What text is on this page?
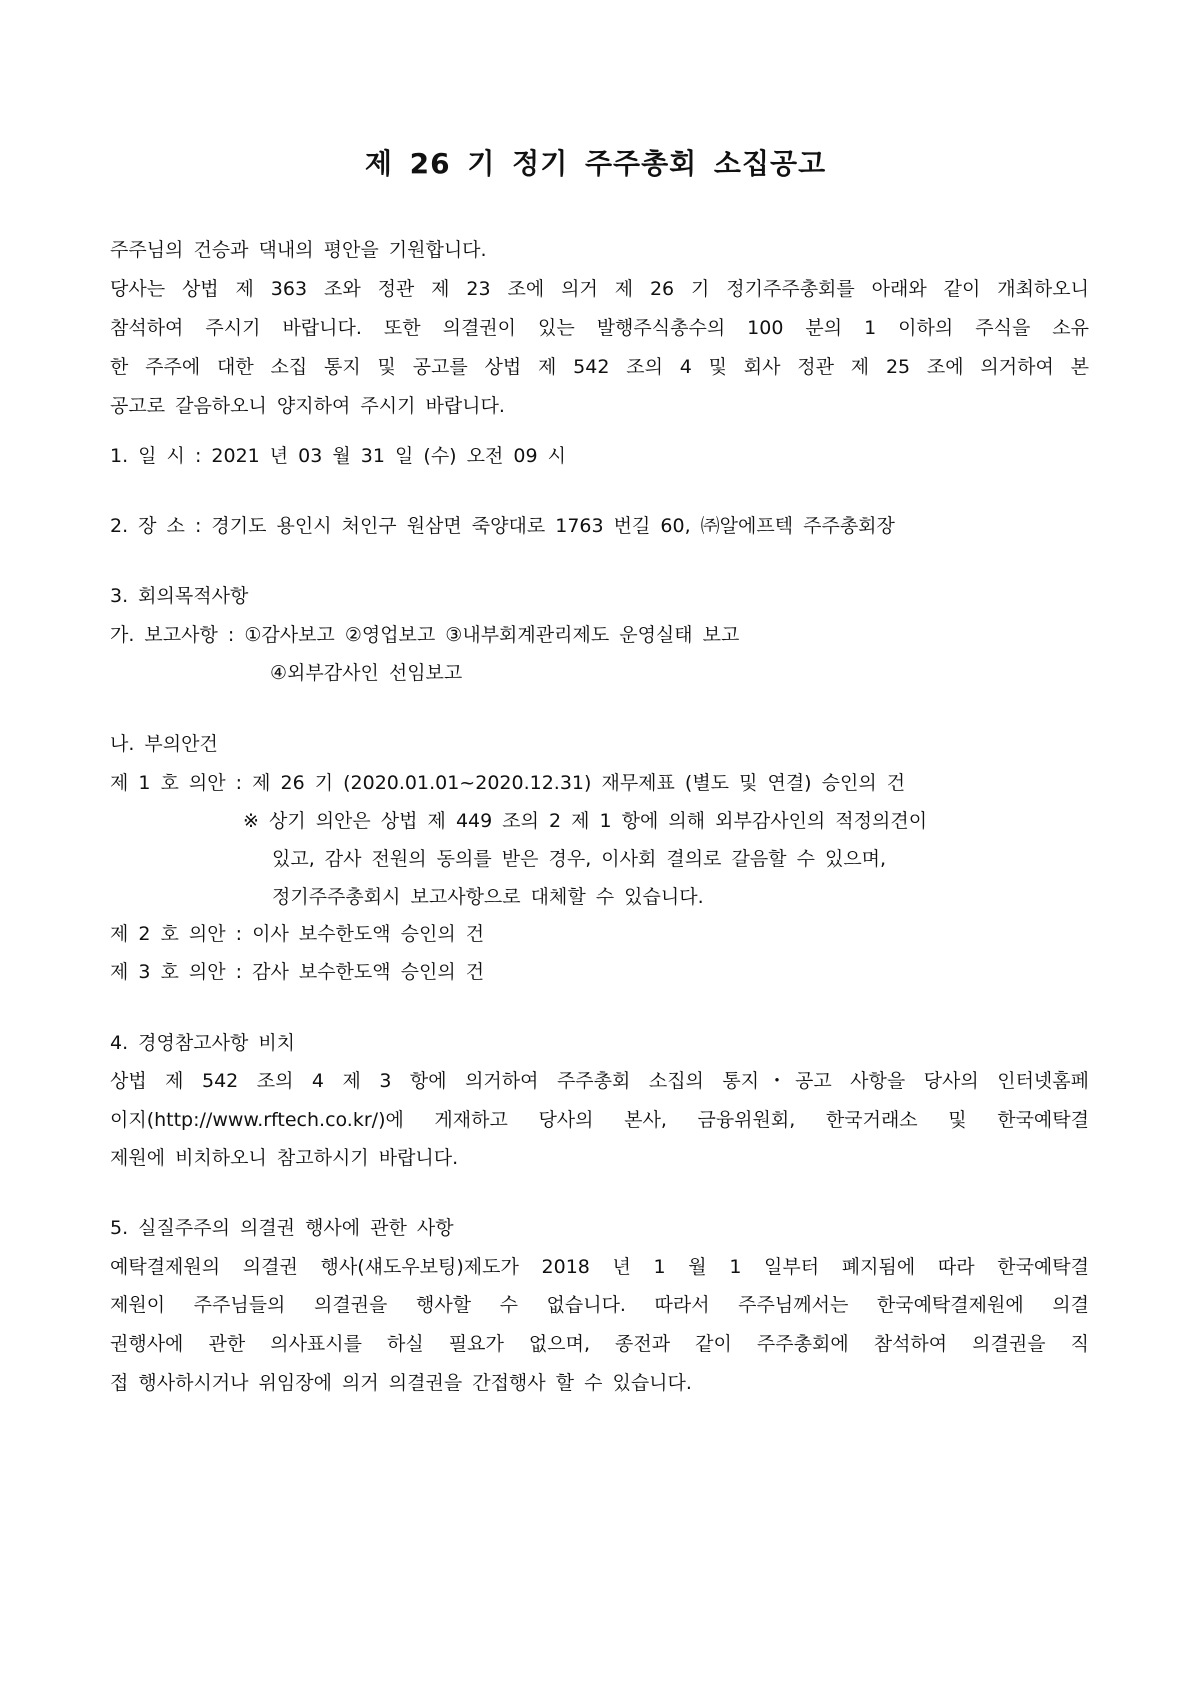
제 26 기 정기 주주총회 소집공고
주주님의 건승과 댁내의 평안을 기원합니다.
당사는 상법 제 363 조와 정관 제 23 조에 의거 제 26 기 정기주주총회를 아래와 같이 개최하오니
참석하여 주시기 바랍니다. 또한 의결권이 있는 발행주식총수의 100 분의 1 이하의 주식을 소유
한 주주에 대한 소집 통지 및 공고를 상법 제 542 조의 4 및 회사 정관 제 25 조에 의거하여 본
공고로 갈음하오니 양지하여 주시기 바랍니다.
1. 일 시 : 2021 년 03 월 31 일 (수) 오전 09 시
2. 장 소 : 경기도 용인시 처인구 원삼면 죽양대로 1763 번길 60, ㈜알에프텍 주주총회장
3. 회의목적사항
가. 보고사항 : ①감사보고 ②영업보고 ③내부회계관리제도 운영실태 보고
④외부감사인 선임보고
나. 부의안건
제 1 호 의안 : 제 26 기 (2020.01.01~2020.12.31) 재무제표 (별도 및 연결) 승인의 건
※ 상기 의안은 상법 제 449 조의 2 제 1 항에 의해 외부감사인의 적정의견이
있고, 감사 전원의 동의를 받은 경우, 이사회 결의로 갈음할 수 있으며,
정기주주총회시 보고사항으로 대체할 수 있습니다.
제 2 호 의안 : 이사 보수한도액 승인의 건
제 3 호 의안 : 감사 보수한도액 승인의 건
4. 경영참고사항 비치
상법 제 542 조의 4 제 3 항에 의거하여 주주총회 소집의 통지・공고 사항을 당사의 인터넷홈페
이지(http://www.rftech.co.kr/)에 게재하고 당사의 본사, 금융위원회, 한국거래소 및 한국예탁결
제원에 비치하오니 참고하시기 바랍니다.
5. 실질주주의 의결권 행사에 관한 사항
예탁결제원의 의결권 행사(섀도우보팅)제도가 2018 년 1 월 1 일부터 폐지됨에 따라 한국예탁결
제원이 주주님들의 의결권을 행사할 수 없습니다. 따라서 주주님께서는 한국예탁결제원에 의결
권행사에 관한 의사표시를 하실 필요가 없으며, 종전과 같이 주주총회에 참석하여 의결권을 직
접 행사하시거나 위임장에 의거 의결권을 간접행사 할 수 있습니다.
